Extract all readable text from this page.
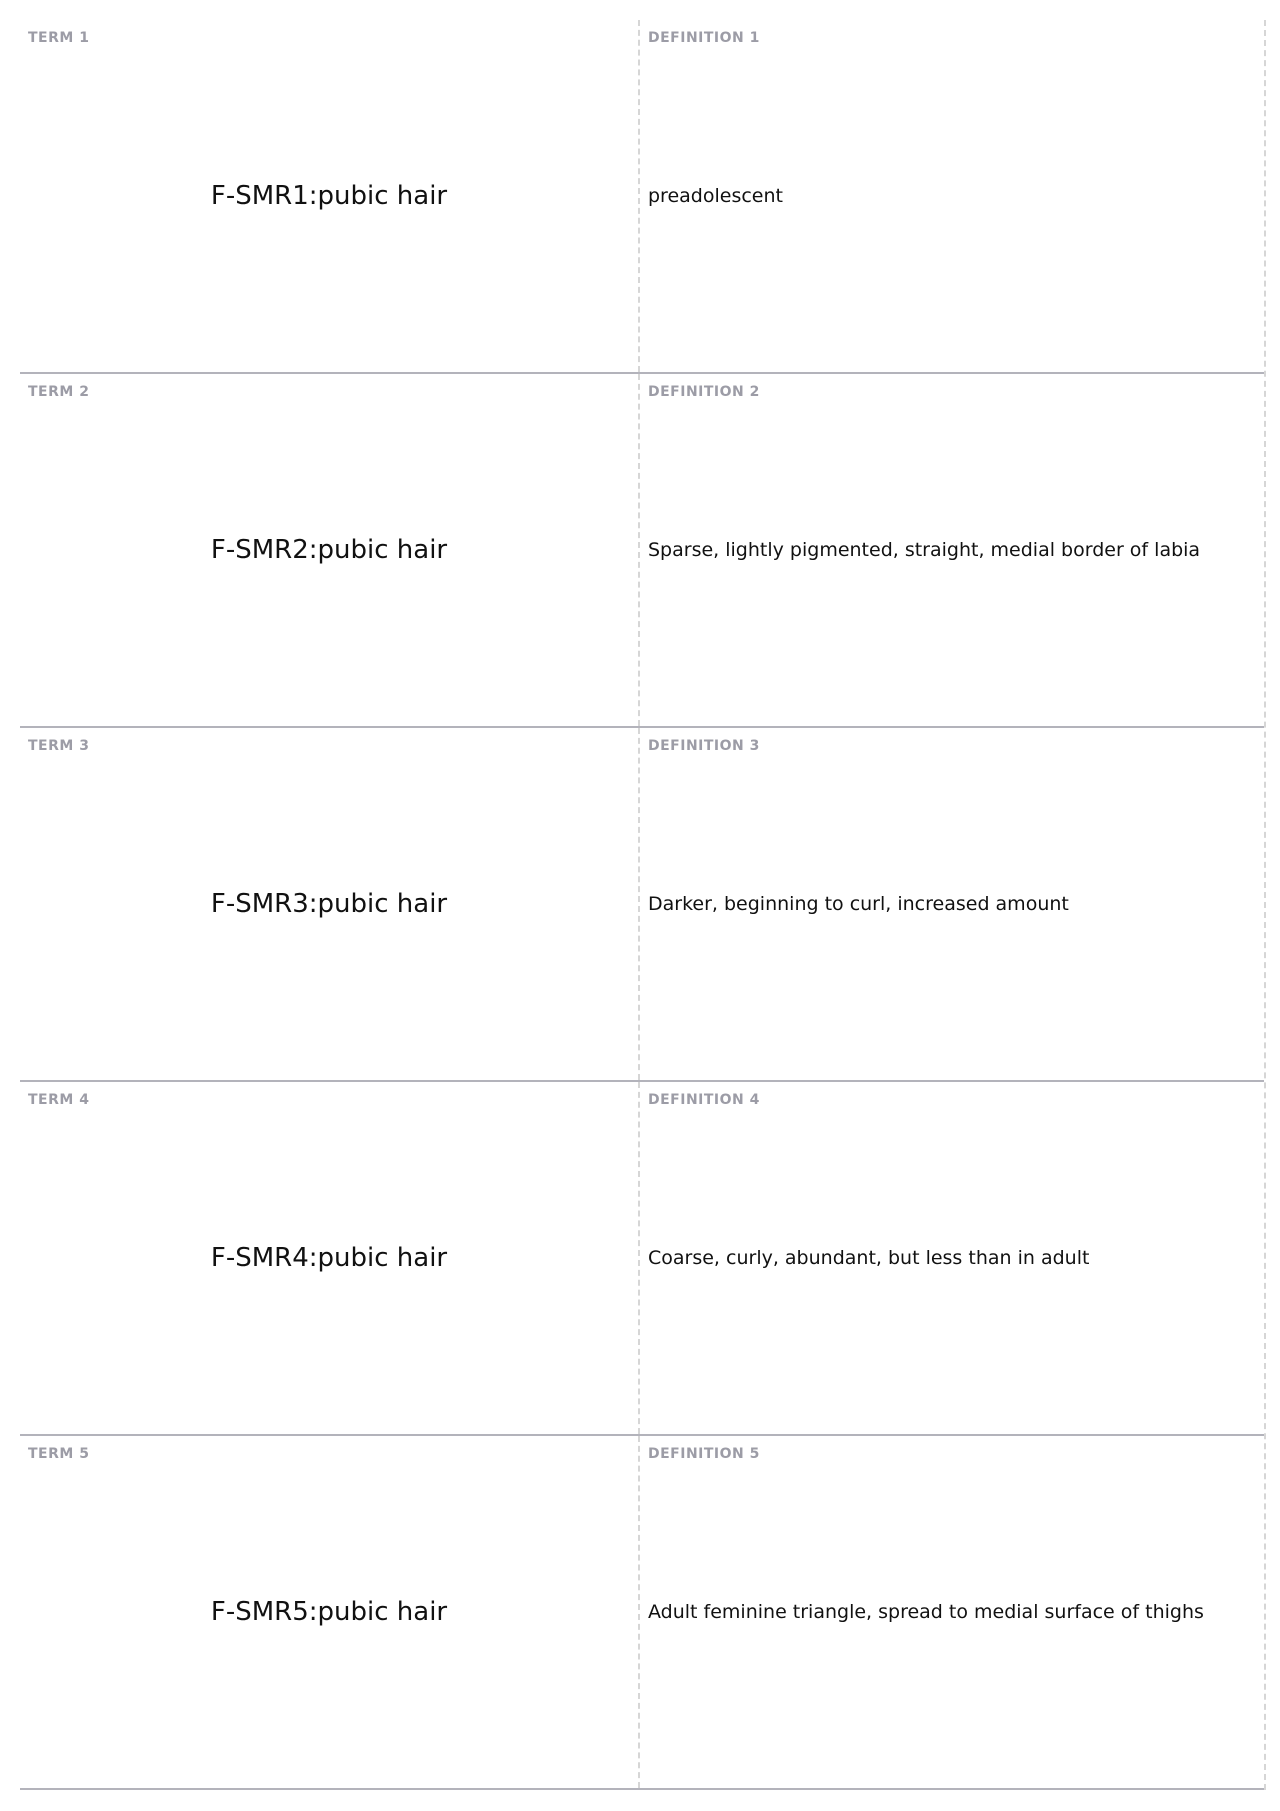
TERM 1
F-SMR1:pubic hair
DEFINITION 1
preadolescent
TERM 2
F-SMR2:pubic hair
DEFINITION 2
Sparse, lightly pigmented, straight, medial border of labia
TERM 3
F-SMR3:pubic hair
DEFINITION 3
Darker, beginning to curl, increased amount
TERM 4
F-SMR4:pubic hair
DEFINITION 4
Coarse, curly, abundant, but less than in adult
TERM 5
F-SMR5:pubic hair
DEFINITION 5
Adult feminine triangle, spread to medial surface of thighs
